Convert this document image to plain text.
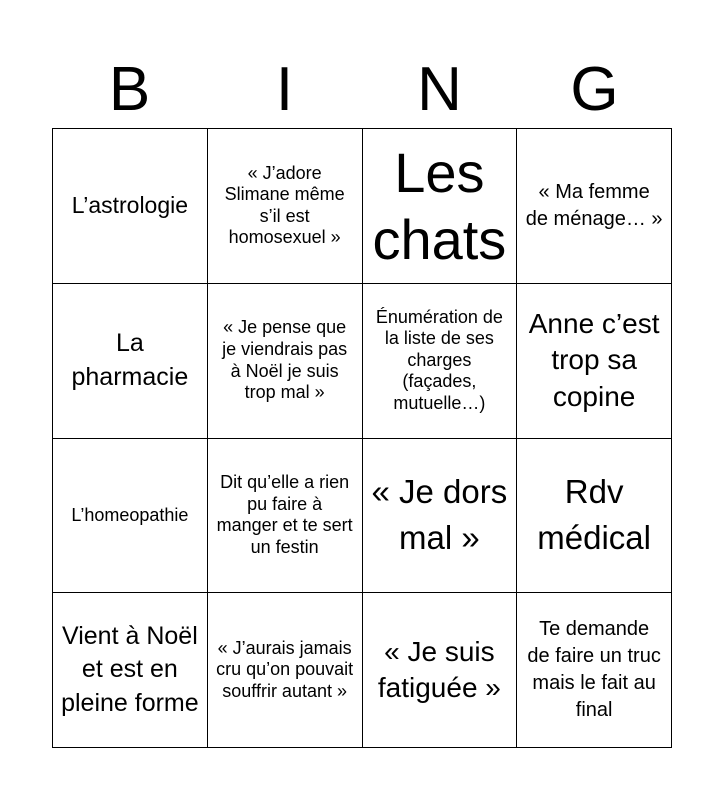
B	I	N	G
L’astrologie
« J’adore Slimane même s’il est homosexuel »
Les chats
« Ma femme de ménage… »
La pharmacie
« Je pense que je viendrais pas à Noël je suis trop mal »
Énumération de la liste de ses charges (façades, mutuelle…)
Anne c’est trop sa copine
L’homeopathie
Dit qu’elle a rien pu faire à manger et te sert un festin
« Je dors mal »
Rdv médical
Vient à Noël et est en pleine forme
« J’aurais jamais cru qu’on pouvait souffrir autant »
« Je suis fatiguée »
Te demande de faire un truc mais le fait au final
